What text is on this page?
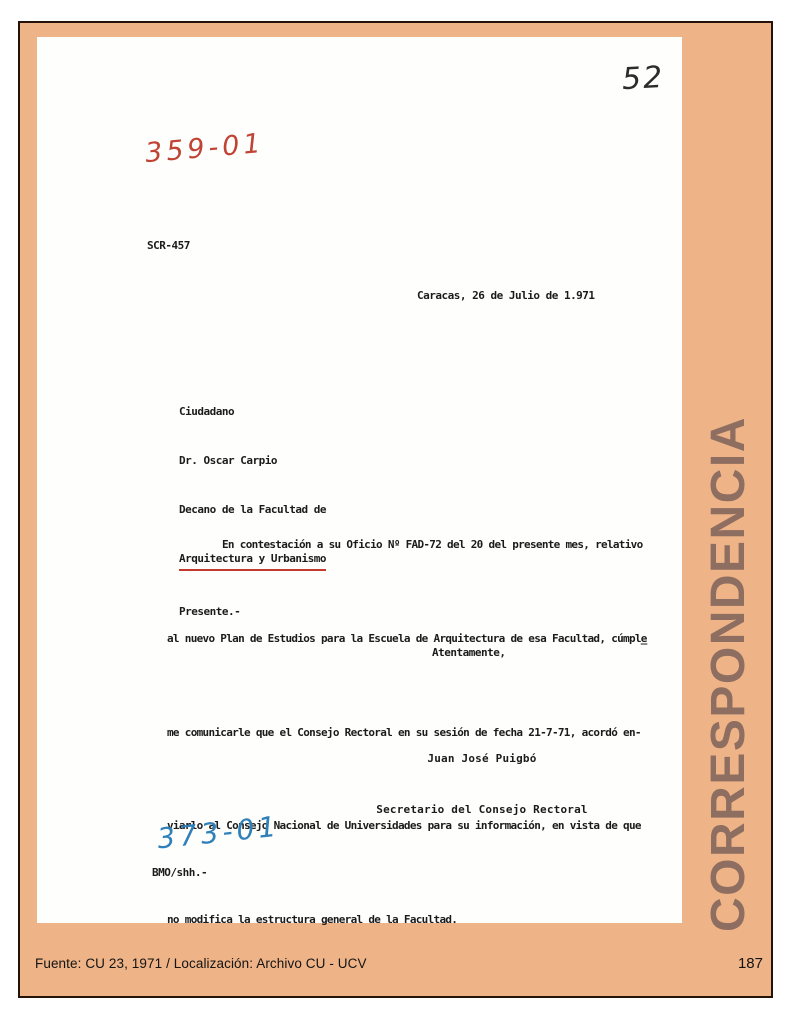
52
359-01
SCR-457
Caracas, 26 de Julio de 1.971

Ciudadano

Dr. Oscar Carpio

Decano de la Facultad de

Arquitectura y Urbanismo

Presente.-

En contestación a su Oficio Nº FAD-72 del 20 del presente mes, relativo

al nuevo Plan de Estudios para la Escuela de Arquitectura de esa Facultad, cúmple _

me comunicarle que el Consejo Rectoral en su sesión de fecha 21-7-71, acordó en-

viarlo al Consejo Nacional de Universidades para su información, en vista de que

no modifica la estructura general de la Facultad.

Atentamente,

Juan José Puigbó

Secretario del Consejo Rectoral

373-01
BMO/shh.-	CORRESPONDENCIA
Fuente: CU 23, 1971 / Localización: Archivo CU - UCV	187
